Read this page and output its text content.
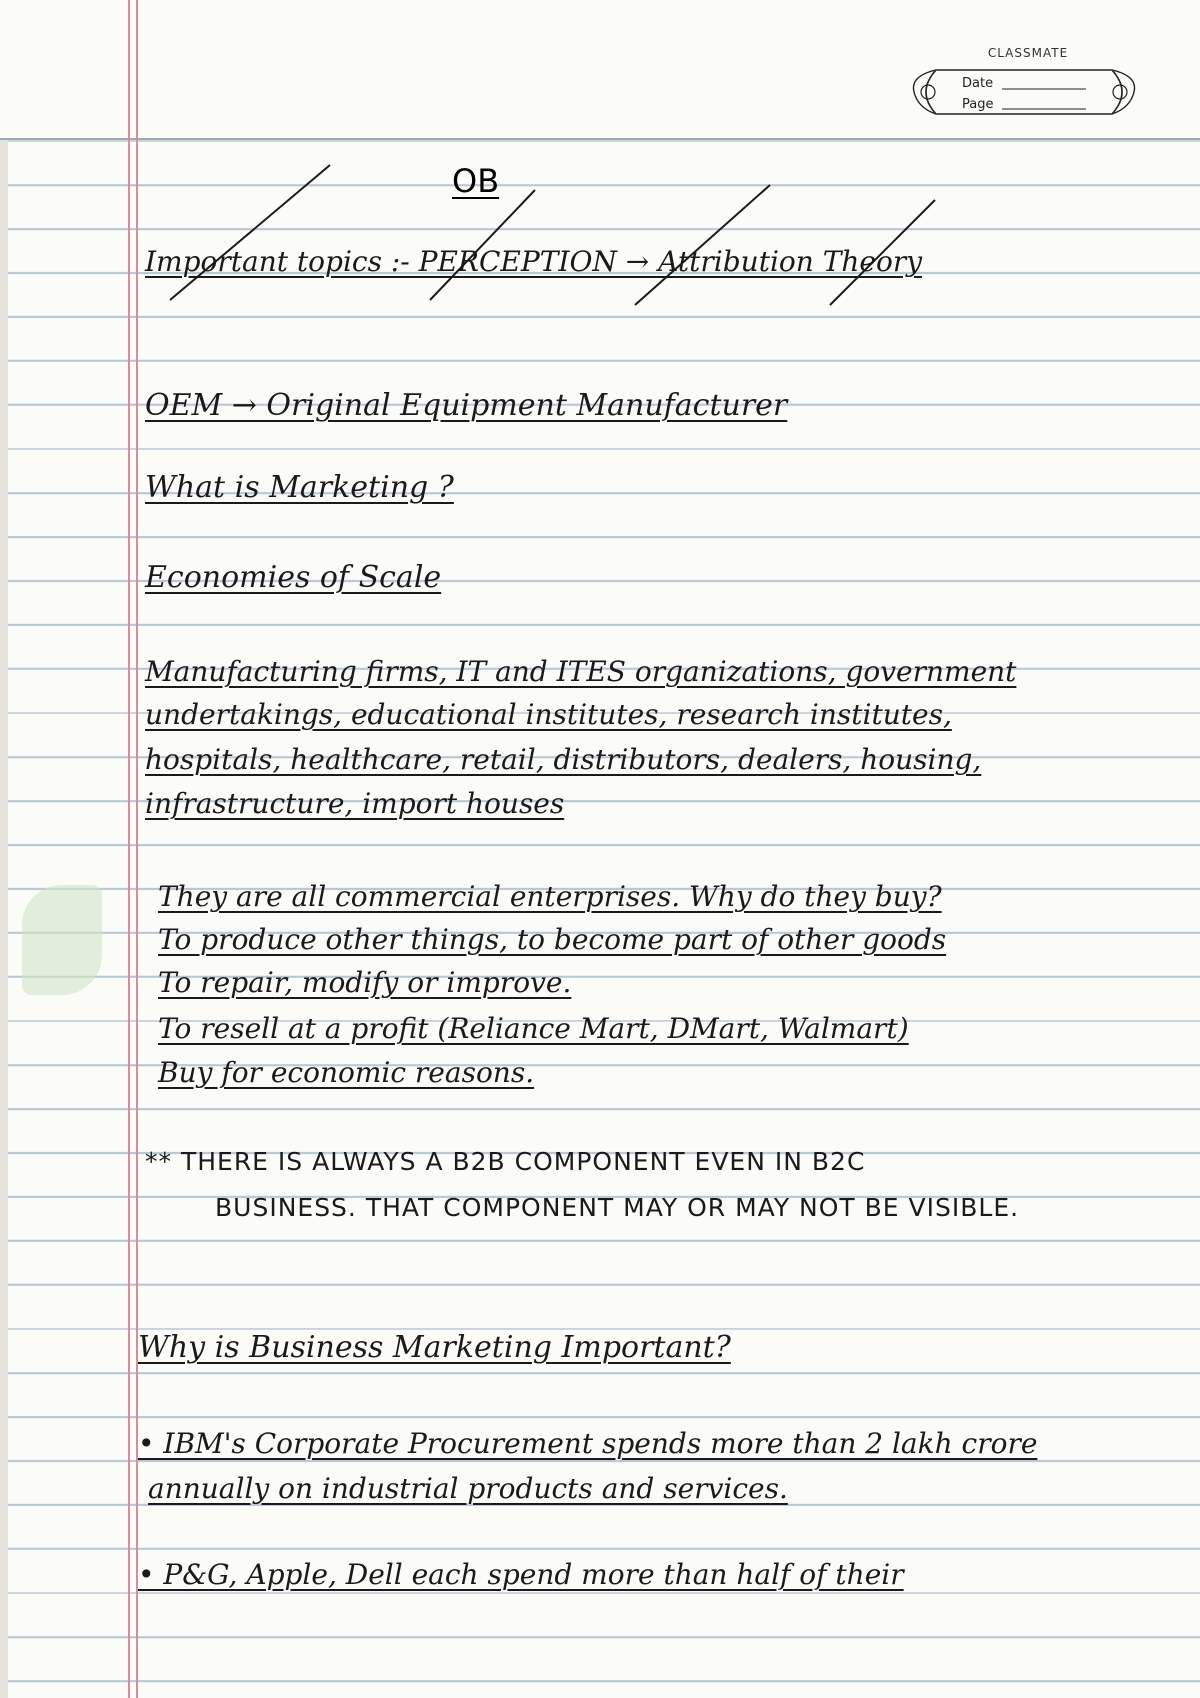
CLASSMATE
Date
Page
OB
Important topics :- PERCEPTION → Attribution Theory
OEM → Original Equipment Manufacturer
What is Marketing ?
Economies of Scale
Manufacturing firms, IT and ITES organizations, government
undertakings, educational institutes, research institutes,
hospitals, healthcare, retail, distributors, dealers, housing,
infrastructure, import houses
They are all commercial enterprises. Why do they buy?
To produce other things, to become part of other goods
To repair, modify or improve.
To resell at a profit (Reliance Mart, DMart, Walmart)
Buy for economic reasons.
** THERE IS ALWAYS A B2B COMPONENT EVEN IN B2C
BUSINESS. THAT COMPONENT MAY OR MAY NOT BE VISIBLE.
Why is Business Marketing Important?
• IBM's Corporate Procurement spends more than 2 lakh crore
annually on industrial products and services.
• P&G, Apple, Dell each spend more than half of their
